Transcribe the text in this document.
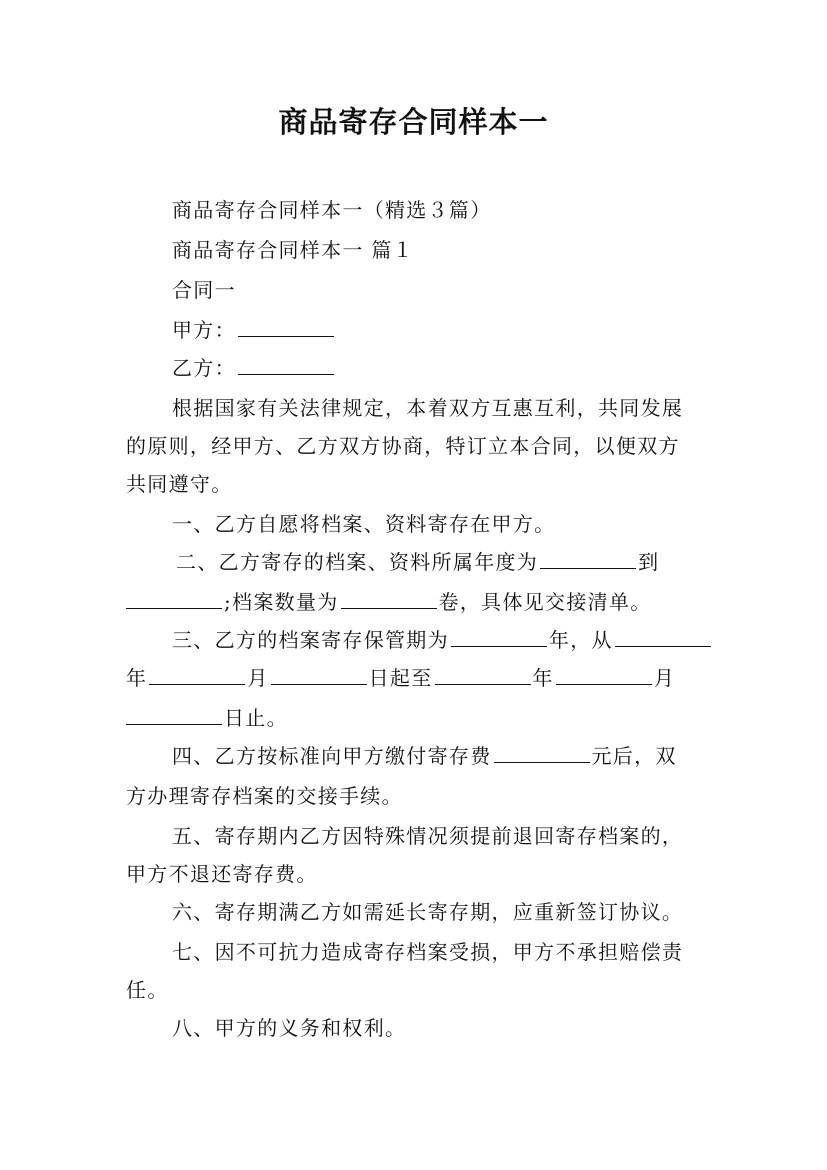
商品寄存合同样本一
商品寄存合同样本一（精选３篇）
商品寄存合同样本一 篇１
合同一
甲方：
乙方：
根据国家有关法律规定，本着双方互惠互利，共同发展
的原则，经甲方、乙方双方协商，特订立本合同，以便双方
共同遵守。
一、乙方自愿将档案、资料寄存在甲方。
二、乙方寄存的档案、资料所属年度为	到
;档案数量为	卷，具体见交接清单。
三、乙方的档案寄存保管期为	年，从
年	月	日起至	年	月
日止。
四、乙方按标准向甲方缴付寄存费	元后，双
方办理寄存档案的交接手续。
五、寄存期内乙方因特殊情况须提前退回寄存档案的，
甲方不退还寄存费。
六、寄存期满乙方如需延长寄存期，应重新签订协议。
七、因不可抗力造成寄存档案受损，甲方不承担赔偿责
任。
八、甲方的义务和权利。
